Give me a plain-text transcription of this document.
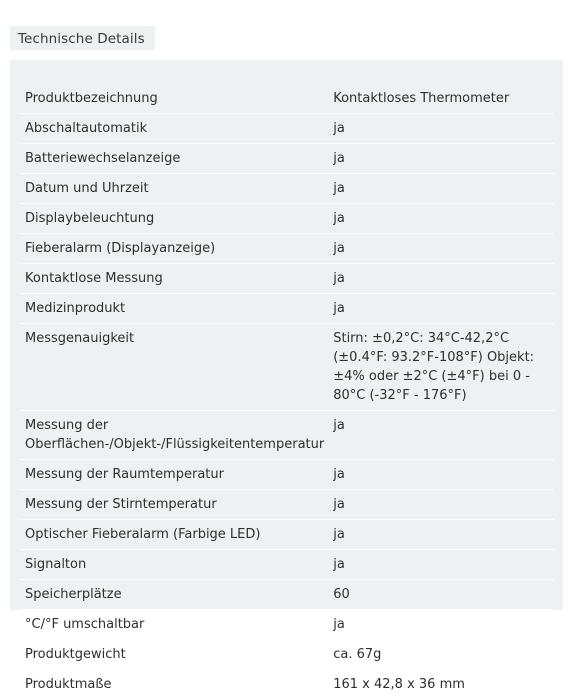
Technische Details
Produktbezeichnung	Kontaktloses Thermometer
Abschaltautomatik	ja
Batteriewechselanzeige	ja
Datum und Uhrzeit	ja
Displaybeleuchtung	ja
Fieberalarm (Displayanzeige)	ja
Kontaktlose Messung	ja
Medizinprodukt	ja
Messgenauigkeit	Stirn: ±0,2°C: 34°C-42,2°C (±0.4°F: 93.2°F-108°F) Objekt: ±4% oder ±2°C (±4°F) bei 0 - 80°C (-32°F - 176°F)
Messung der Oberflächen-/Objekt-/Flüssigkeitentemperatur	ja
Messung der Raumtemperatur	ja
Messung der Stirntemperatur	ja
Optischer Fieberalarm (Farbige LED)	ja
Signalton	ja
Speicherplätze	60
°C/°F umschaltbar	ja
Produktgewicht	ca. 67g
Produktmaße	161 x 42,8 x 36 mm
